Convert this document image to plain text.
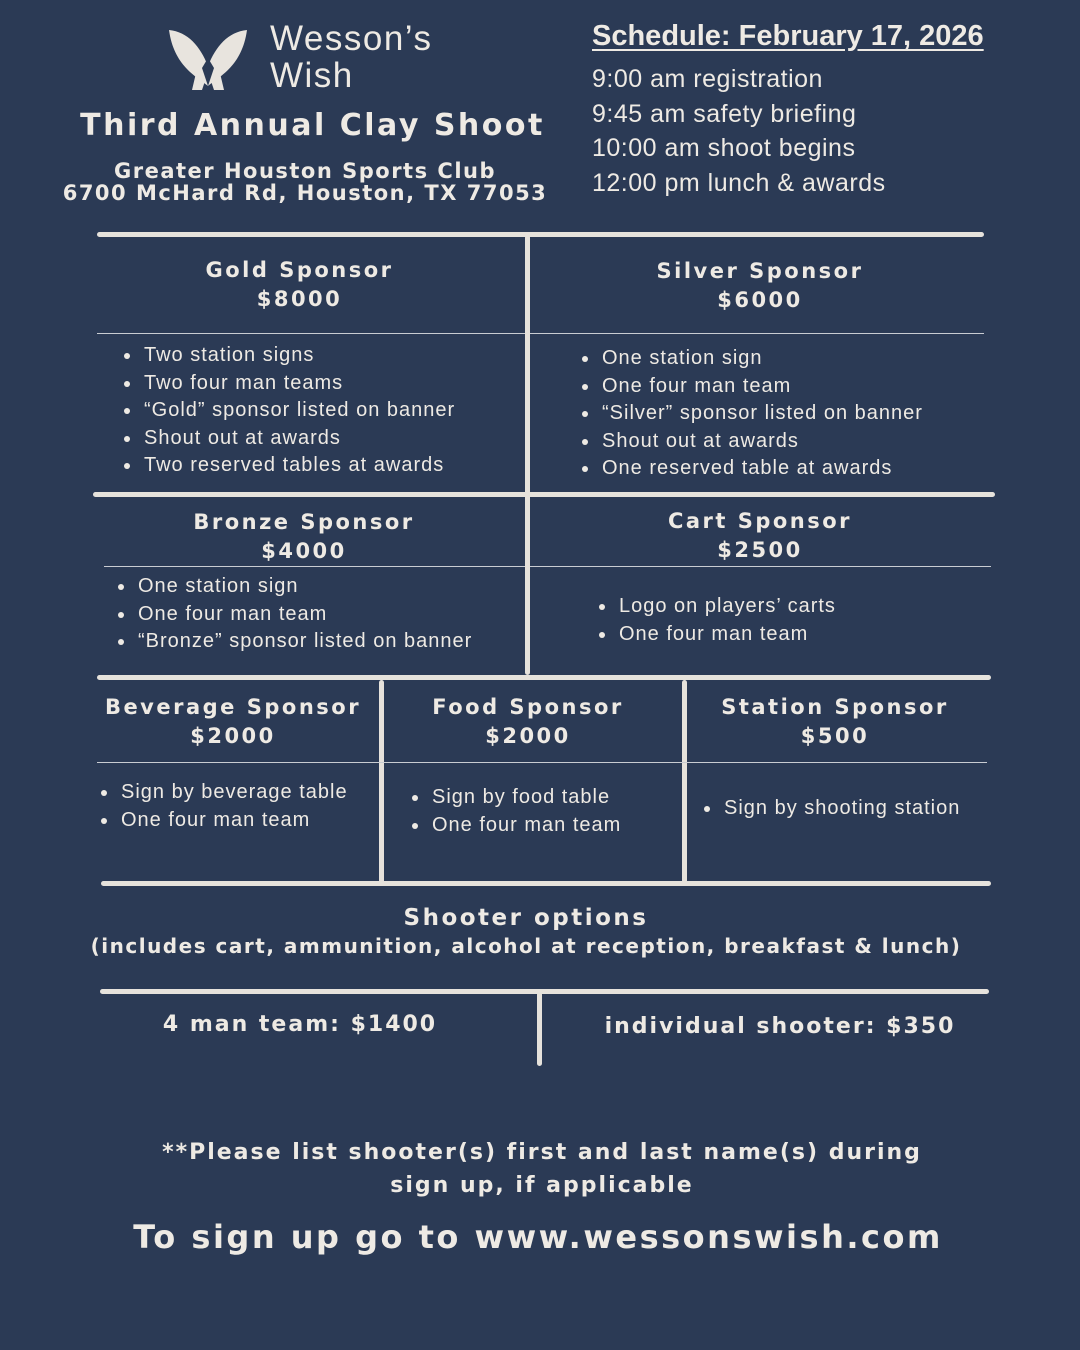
Wesson’s
Wish
Third Annual Clay Shoot
Greater Houston Sports Club
6700 McHard Rd, Houston, TX 77053
Schedule: February 17, 2026
9:00 am registration
9:45 am safety briefing
10:00 am shoot begins
12:00 pm lunch & awards
Gold Sponsor
$8000
• Two station signs
• Two four man teams
• “Gold” sponsor listed on banner
• Shout out at awards
• Two reserved tables at awards
Silver Sponsor
$6000
• One station sign
• One four man team
• “Silver” sponsor listed on banner
• Shout out at awards
• One reserved table at awards
Bronze Sponsor
$4000
• One station sign
• One four man team
• “Bronze” sponsor listed on banner
Cart Sponsor
$2500
• Logo on players’ carts
• One four man team
Beverage Sponsor
$2000
• Sign by beverage table
• One four man team
Food Sponsor
$2000
• Sign by food table
• One four man team
Station Sponsor
$500
• Sign by shooting station
Shooter options
(includes cart, ammunition, alcohol at reception, breakfast & lunch)
4 man team: $1400	individual shooter: $350
**Please list shooter(s) first and last name(s) during sign up, if applicable
To sign up go to www.wessonswish.com
